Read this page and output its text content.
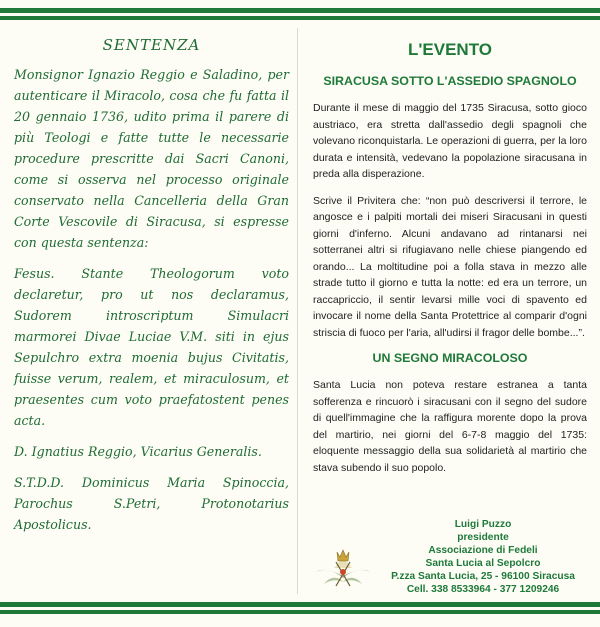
SENTENZA

Monsignor Ignazio Reggio e Saladino, per autenticare il Miracolo, cosa che fu fatta il 20 gennaio 1736, udito prima il parere di più Teologi e fatte tutte le necessarie procedure prescritte dai Sacri Canoni, come si osserva nel processo originale conservato nella Cancelleria della Gran Corte Vescovile di Siracusa, si espresse con questa sentenza:

Fesus. Stante Theologorum voto declaretur, pro ut nos declaramus, Sudorem introscriptum Simulacri marmorei Divae Luciae V.M. siti in ejus Sepulchro extra moenia bujus Civitatis, fuisse verum, realem, et miraculosum, et praesentes cum voto praefatostent penes acta.

D. Ignatius Reggio, Vicarius Generalis.

S.T.D.D. Dominicus Maria Spinoccia, Parochus S.Petri, Protonotarius Apostolicus.

L'EVENTO
SIRACUSA SOTTO L'ASSEDIO SPAGNOLO

Durante il mese di maggio del 1735 Siracusa, sotto gioco austriaco, era stretta dall'assedio degli spagnoli che volevano riconquistarla. Le operazioni di guerra, per la loro durata e intensità, vedevano la popolazione siracusana in preda alla disperazione.

Scrive il Privitera che: “non può descriversi il terrore, le angosce e i palpiti mortali dei miseri Siracusani in questi giorni d'inferno. Alcuni andavano ad rintanarsi nei sotterranei altri si rifugiavano nelle chiese piangendo ed orando... La moltitudine poi a folla stava in mezzo alle strade tutto il giorno e tutta la notte: ed era un terrore, un raccapriccio, il sentir levarsi mille voci di spavento ed invocare il nome della Santa Protettrice al comparir d'ogni striscia di fuoco per l'aria, all'udirsi il fragor delle bombe...”.

UN SEGNO MIRACOLOSO

Santa Lucia non poteva restare estranea a tanta sofferenza e rincuorò i siracusani con il segno del sudore di quell'immagine che la raffigura morente dopo la prova del martirio, nei giorni del 6-7-8 maggio del 1735: eloquente messaggio della sua solidarietà al martirio che stava subendo il suo popolo.

Luigi Puzzo
presidente
Associazione di Fedeli
Santa Lucia al Sepolcro
P.zza Santa Lucia, 25 - 96100 Siracusa
Cell. 338 8533964 - 377 1209246
